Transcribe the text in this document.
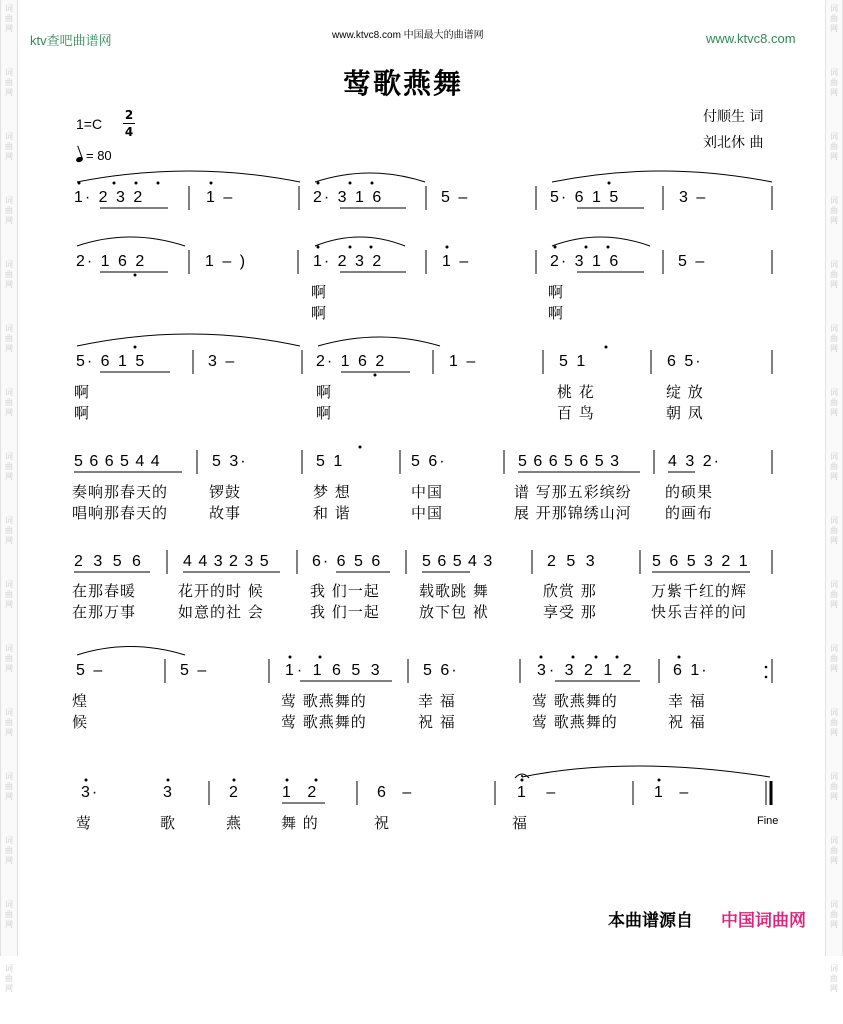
词
曲
网
词
曲
网
词
曲
网
词
曲
网
词
曲
网
词
曲
网
词
曲
网
词
曲
网
词
曲
网
词
曲
网
词
曲
网
词
曲
网
词
曲
网
词
曲
网
词
曲
网
词
曲
网
词
曲
网
词
曲
网
词
曲
网
词
曲
网
词
曲
网
词
曲
网
词
曲
网
词
曲
网
词
曲
网
词
曲
网
词
曲
网
词
曲
网
词
曲
网
词
曲
网
词
曲
网
词
曲
网
ktv查吧曲谱网	www.ktvc8.com 中国最大的曲谱网	www.ktvc8.com
莺歌燕舞
付顺生 词
刘北休 曲
1=C
2
4
= 80
1· 2 3 2	1 –	2· 3 1 6	5 –	5· 6 1 5	3 –
2· 1 6 2	1 – )	1· 2 3 2	1 –	2· 3 1 6	5 –
啊	啊
啊	啊
5· 6 1 5	3 –	2· 1 6 2	1 –	5 1	6 5·
啊	啊	桃 花	绽 放
啊	啊	百 鸟	朝 凤
5 6 6 5 4 4	5 3·	5 1	5 6·	5 6 6 5 6 5 3	4 3 2·
奏响那春天的	锣鼓	梦 想	中国	谱 写那五彩缤纷 的硕果
唱响那春天的	故事	和 谐	中国	展 开那锦绣山河 的画布
2 3 5 6 4 4 3 2 3 5	6· 6 5 6 5 6 5 4 3	2 5 3	5 6 5 3 2 1
在那春暖	花开的时 候	我 们一起	载歌跳 舞	欣赏 那	万紫千红的辉
在那万事	如意的社 会	我 们一起	放下包 袱	享受 那	快乐吉祥的问
5 –	5 –	1· 1 6 5 3	5 6·	3· 3 2 1 2 6 1·
煌	莺 歌燕舞的	幸 福	莺 歌燕舞的	幸 福
候	莺 歌燕舞的	祝 福	莺 歌燕舞的	祝 福
3·	3	2	1 2	6 –	1 –	1 –
莺	歌	燕	舞 的	祝	福	Fine
本曲谱源自 中国词曲网
